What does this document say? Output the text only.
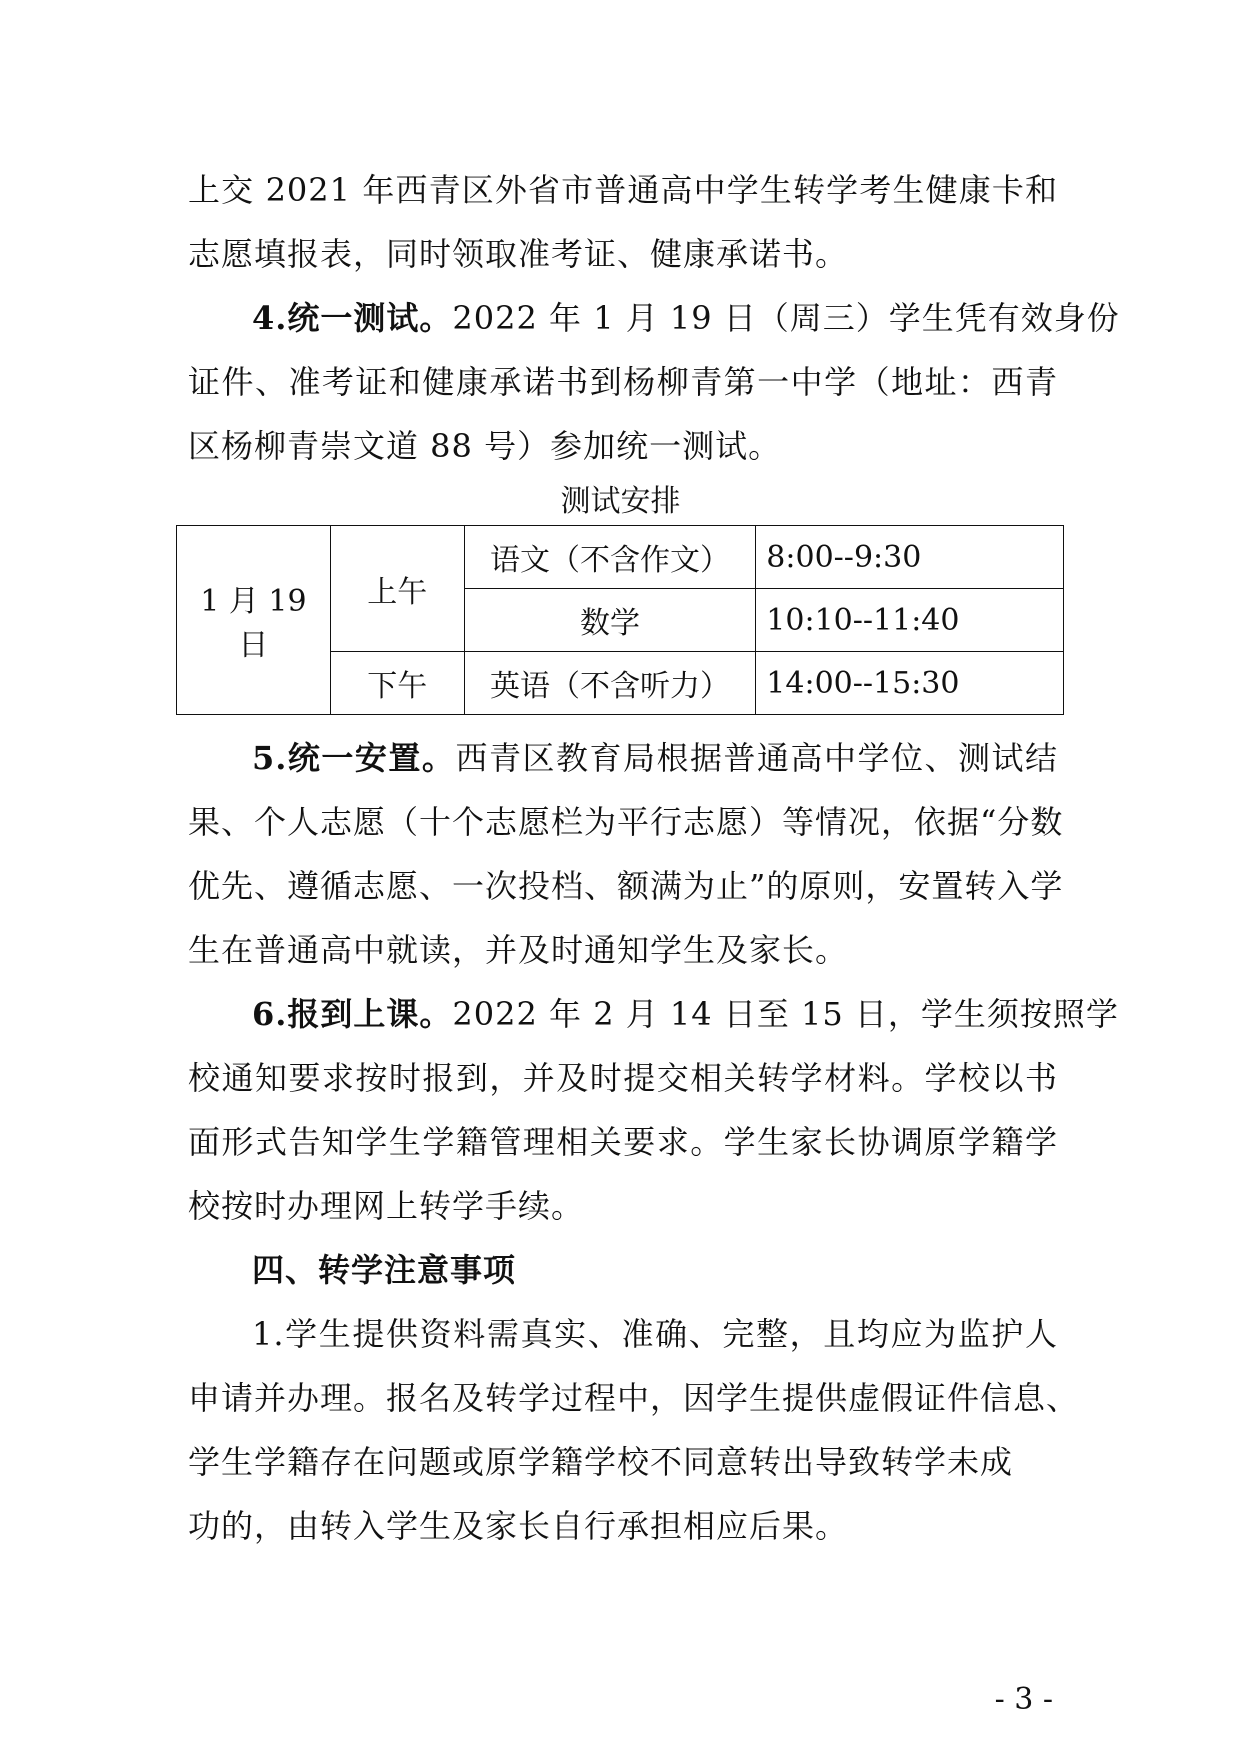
上交 2021 年西青区外省市普通高中学生转学考生健康卡和
志愿填报表，同时领取准考证、健康承诺书。
4.统一测试。2022 年 1 月 19 日（周三）学生凭有效身份
证件、准考证和健康承诺书到杨柳青第一中学（地址：西青
区杨柳青崇文道 88 号）参加统一测试。
测试安排
1 月 19 日	上午	语文（不含作文）	8:00--9:30
		数学	10:10--11:40
	下午	英语（不含听力）	14:00--15:30
5.统一安置。西青区教育局根据普通高中学位、测试结
果、个人志愿（十个志愿栏为平行志愿）等情况，依据“分数
优先、遵循志愿、一次投档、额满为止”的原则，安置转入学
生在普通高中就读，并及时通知学生及家长。
6.报到上课。2022 年 2 月 14 日至 15 日，学生须按照学
校通知要求按时报到，并及时提交相关转学材料。学校以书
面形式告知学生学籍管理相关要求。学生家长协调原学籍学
校按时办理网上转学手续。
四、转学注意事项
1.学生提供资料需真实、准确、完整，且均应为监护人
申请并办理。报名及转学过程中，因学生提供虚假证件信息、
学生学籍存在问题或原学籍学校不同意转出导致转学未成
功的，由转入学生及家长自行承担相应后果。
- 3 -
